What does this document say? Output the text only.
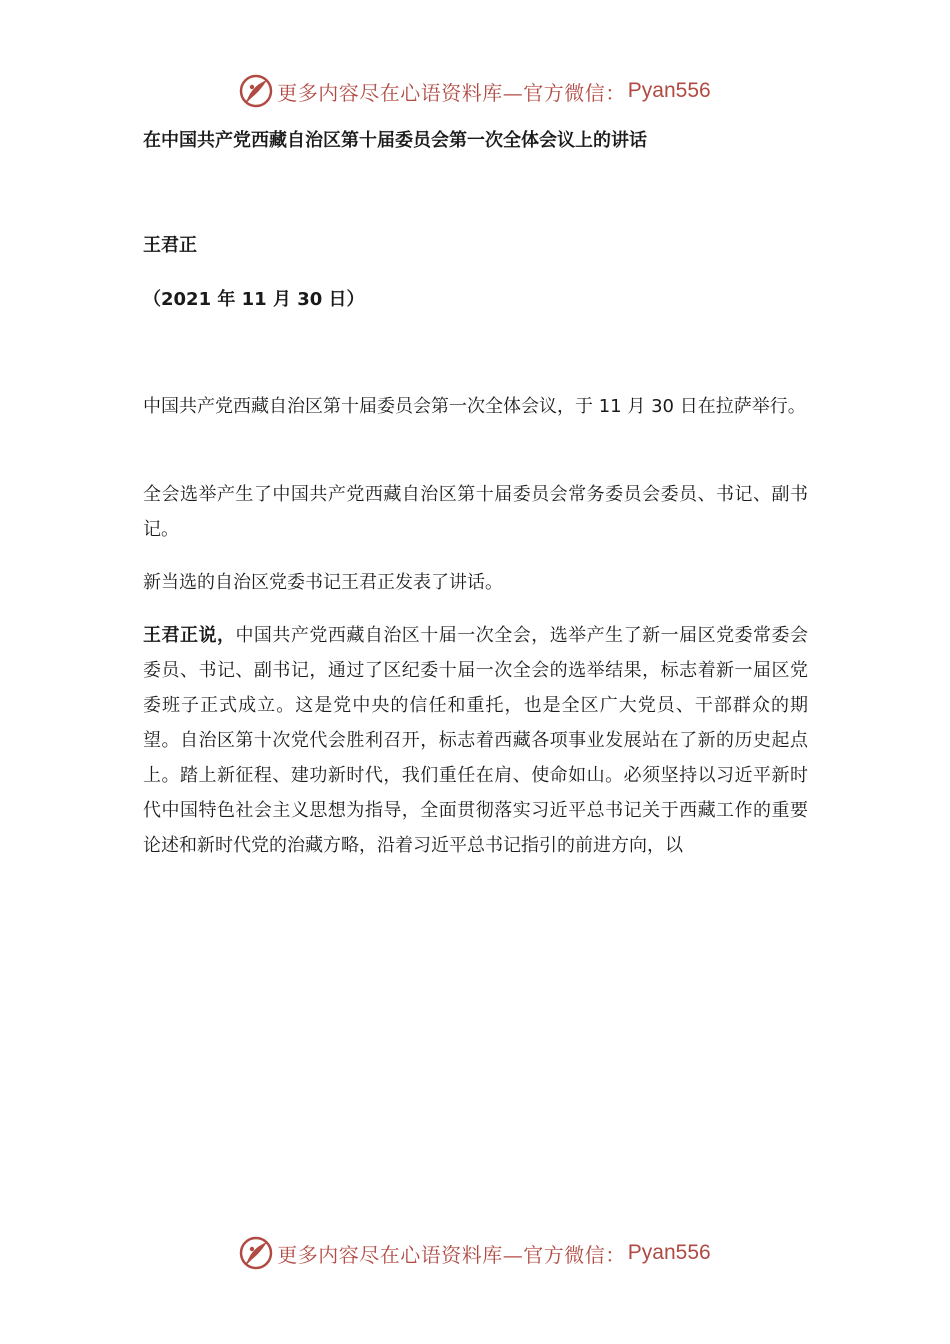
更多内容尽在心语资料库—官方微信： Pyan556
在中国共产党西藏自治区第十届委员会第一次全体会议上的讲话
王君正
（2021 年 11 月 30 日）

中国共产党西藏自治区第十届委员会第一次全体会议，于 11 月 30 日在拉萨举行。

全会选举产生了中国共产党西藏自治区第十届委员会常务委员会委员、书记、副书记。

新当选的自治区党委书记王君正发表了讲话。

王君正说，中国共产党西藏自治区十届一次全会，选举产生了新一届区党委常委会委员、书记、副书记，通过了区纪委十届一次全会的选举结果，标志着新一届区党委班子正式成立。这是党中央的信任和重托，也是全区广大党员、干部群众的期望。自治区第十次党代会胜利召开，标志着西藏各项事业发展站在了新的历史起点上。踏上新征程、建功新时代，我们重任在肩、使命如山。必须坚持以习近平新时代中国特色社会主义思想为指导，全面贯彻落实习近平总书记关于西藏工作的重要论述和新时代党的治藏方略，沿着习近平总书记指引的前进方向，以

更多内容尽在心语资料库—官方微信： Pyan556
